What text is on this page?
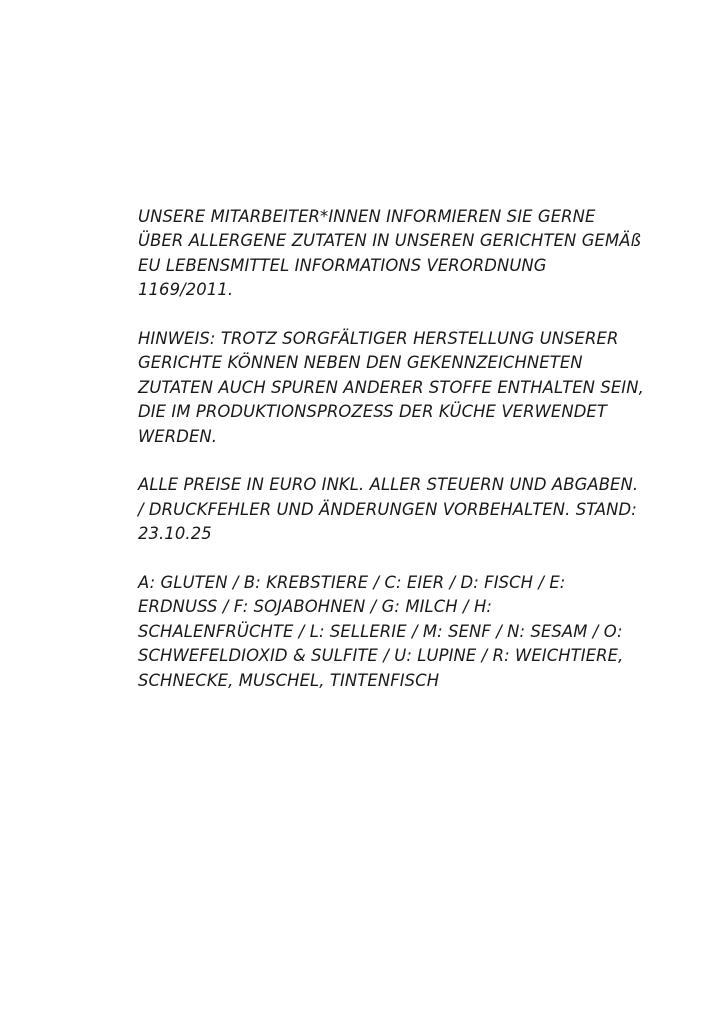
UNSERE MITARBEITER*INNEN INFORMIEREN SIE GERNE
ÜBER ALLERGENE ZUTATEN IN UNSEREN GERICHTEN GEMÄß
EU LEBENSMITTEL INFORMATIONS VERORDNUNG
1169/2011.

HINWEIS: TROTZ SORGFÄLTIGER HERSTELLUNG UNSERER
GERICHTE KÖNNEN NEBEN DEN GEKENNZEICHNETEN
ZUTATEN AUCH SPUREN ANDERER STOFFE ENTHALTEN SEIN,
DIE IM PRODUKTIONSPROZESS DER KÜCHE VERWENDET
WERDEN.

ALLE PREISE IN EURO INKL. ALLER STEUERN UND ABGABEN.
/ DRUCKFEHLER UND ÄNDERUNGEN VORBEHALTEN. STAND:
23.10.25

A: GLUTEN / B: KREBSTIERE / C: EIER / D: FISCH / E:
ERDNUSS / F: SOJABOHNEN / G: MILCH / H:
SCHALENFRÜCHTE / L: SELLERIE / M: SENF / N: SESAM / O:
SCHWEFELDIOXID & SULFITE / U: LUPINE / R: WEICHTIERE,
SCHNECKE, MUSCHEL, TINTENFISCH
